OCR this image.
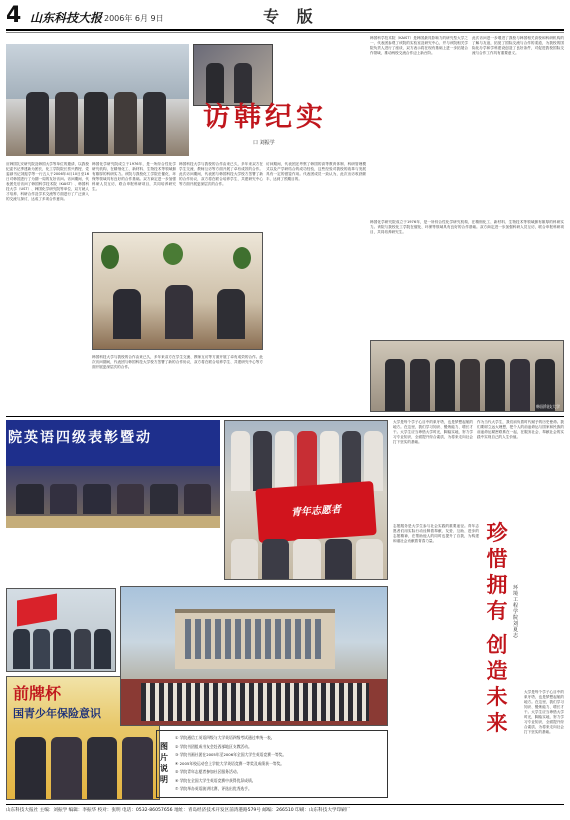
4 山东科技大报 2006年 6月 9日	专 版
访韩纪实
口 刘振学
韩国科学技术院（KAIST）是韩国最具影响力的研究型大学之一，代表团参观了该院的实验室及研究中心，并与该院相关学院负责人进行了座谈，双方表示将在现有基础上进一步拓展合作领域，推动两校交流合作迈上新台阶。
此次访问进一步增进了我校与韩国相关高校和科研机构的了解与友谊，拓宽了国际交流与合作的渠道，为我校的国际化办学和学科建设创造了良好条件，对促进我校国际交流与合作工作具有重要意义。
应韩国礼安研究院及韩国大学等单位的邀请，以我校纪委书记季建新为团长，化工学院院长蔡兴教授、党委副书记刘振学等一行五人于2006年4月10日至16日对韩国进行了为期一周的友好访问。访问期间，代表团先后访问了韩国科学技术院（KAIST）、韩国科技大学（UST）、韩国化学研究院等单位，双方就人才培养、科研合作及学术交流等方面进行了广泛深入的交流与探讨，达成了多项合作意向。
韩国化学研究院成立于1976年，是一所综合性化学研究机构，在精细化工、新材料、生物技术等领域拥有雄厚的科研实力。该院与我校化工学院在催化、环保等领域具有良好的合作基础。双方商定进一步加强科研人员互访，联合申报科研项目，共同培养研究生。
韩国科技大学与我校的合作由来已久，多年来双方在学生交流、教师互访等方面开展了卓有成效的合作。此次访问期间，代表团与韩国科技大学校方签署了新的合作协议，双方将在联合培养学生、共建研究中心等方面开展更深层次的合作。
访问期间，代表团还考察了韩国的高等教育体制、科研管理模式以及产学研结合的成功经验，这些经验对我校的改革与发展具有一定的借鉴作用。代表团成员一致认为，此次出访收获颇丰，达到了预期目的。
韩国科技大学与我校的合作由来已久，多年来双方在学生交流、教师互访等方面开展了卓有成效的合作。此次访问期间，代表团与韩国科技大学校方签署了新的合作协议，双方将在联合培养学生、共建研究中心等方面开展更深层次的合作。
韩国化学研究院成立于1976年，是一所综合性化学研究机构，在精细化工、新材料、生物技术等领域拥有雄厚的科研实力。该院与我校化工学院在催化、环保等领域具有良好的合作基础。双方商定进一步加强科研人员互访，联合申报科研项目，共同培养研究生。
韩国科技大学
院英语四级表彰暨动
青年志愿者
大学是每个学子心目中的象牙塔，也是梦想起航的地方。在这里，我们学习知识、锻炼能力、增长才干。大学生应当珍惜大学时光，脚踏实地，努力学习专业知识，全面提升综合素质，为将来走向社会打下坚实的基础。
作为当代大学生，我们肩负着时代赋予的历史使命。我们要树立远大理想，把个人的前途命运与国家和民族的前途命运紧密联系在一起，在服务社会、奉献社会的实践中实现自己的人生价值。
珍
惜
拥
有
创
造
未
来
环境工程 学院 刘 夏 志
志愿服务是大学生参与社会实践的重要途径。青年志愿者们用实际行动诠释着奉献、友爱、互助、进步的志愿精神，在帮助他人的同时也提升了自我，为构建和谐社会贡献着青春力量。
大学是每个学子心目中的象牙塔，也是梦想起航的地方。在这里，我们学习知识、锻炼能力、增长才干。大学生应当珍惜大学时光，脚踏实地，努力学习专业知识，全面提升综合素质，为将来走向社会打下坚实的基础。
前牌杯
国青少年保险意识
图片说明
① 学院通信工英语四级与大学英语四级考试通过率统一表。
② 学院书团组成书友会赴西部地区支教活动。
③ 学院书画社团在2005年至2006年全国大学生英语竞赛一等奖。
④ 2005年校运动会上学院大学英语竞赛一等奖及成绩获一等奖。
⑤ 学院青年志愿者参加社区服务活动。
⑥ 学院在全国大学生英语竞赛中获得优异成绩。
⑦ 学院举办英语演讲比赛，评选出优秀选手。
山东科技大报社 主编：刘振学 编辑：李振华 校对：张明 电话：0532-86057656 地址：青岛经济技术开发区前湾港路579号 邮编：266510 印刷：山东科技大学印刷厂
